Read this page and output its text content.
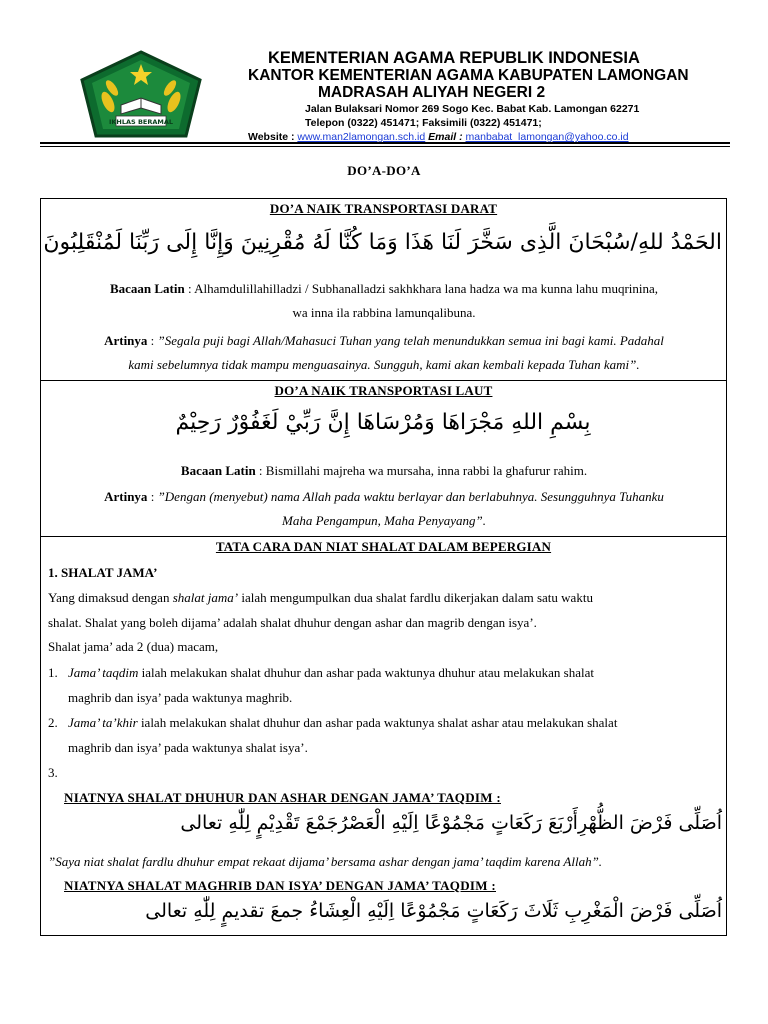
IKHLAS BERAMAL
KEMENTERIAN AGAMA REPUBLIK INDONESIA
KANTOR KEMENTERIAN AGAMA KABUPATEN LAMONGAN
MADRASAH ALIYAH NEGERI 2
Jalan Bulaksari Nomor 269 Sogo Kec. Babat Kab. Lamongan 62271
Telepon (0322) 451471; Faksimili (0322) 451471;
Website : www.man2lamongan.sch.id Email : manbabat_lamongan@yahoo.co.id
DO’A-DO’A
DO’A NAIK TRANSPORTASI DARAT
الحَمْدُ للهِ/سُبْحَانَ الَّذِى سَخَّرَ لَنَا هَذَا وَمَا كُنَّا لَهُ مُقْرِنِينَ وَإِنَّا إِلَى رَبِّنَا لَمُنْقَلِبُونَ
Bacaan Latin : Alhamdulillahilladzi / Subhanalladzi sakhkhara lana hadza wa ma kunna lahu muqrinina,
wa inna ila rabbina lamunqalibuna.
Artinya : ”Segala puji bagi Allah/Mahasuci Tuhan yang telah menundukkan semua ini bagi kami. Padahal
kami sebelumnya tidak mampu menguasainya. Sungguh, kami akan kembali kepada Tuhan kami”.
DO’A NAIK TRANSPORTASI LAUT
بِسْمِ اللهِ مَجْرَاهَا وَمُرْسَاهَا إِنَّ رَبِّيْ لَغَفُوْرٌ رَحِيْمٌ
Bacaan Latin : Bismillahi majreha wa mursaha, inna rabbi la ghafurur rahim.
Artinya : ”Dengan (menyebut) nama Allah pada waktu berlayar dan berlabuhnya. Sesungguhnya Tuhanku
Maha Pengampun, Maha Penyayang”.
TATA CARA DAN NIAT SHALAT DALAM BEPERGIAN
1. SHALAT JAMA’
Yang dimaksud dengan shalat jama’ ialah mengumpulkan dua shalat fardlu dikerjakan dalam satu waktu
shalat. Shalat yang boleh dijama’ adalah shalat dhuhur dengan ashar dan magrib dengan isya’.
Shalat jama’ ada 2 (dua) macam,
1. Jama’ taqdim ialah melakukan shalat dhuhur dan ashar pada waktunya dhuhur atau melakukan shalat
maghrib dan isya’ pada waktunya maghrib.
2. Jama’ ta’khir ialah melakukan shalat dhuhur dan ashar pada waktunya shalat ashar atau melakukan shalat
maghrib dan isya’ pada waktunya shalat isya’.
3.
NIATNYA SHALAT DHUHUR DAN ASHAR DENGAN JAMA’ TAQDIM :
اُصَلِّى فَرْضَ الظُّهْرِأَرْبَعَ رَكَعَاتٍ مَجْمُوْعًا اِلَيْهِ الْعَصْرُجَمْعَ تَقْدِيْمٍ لِلّٰهِ تعالى
”Saya niat shalat fardlu dhuhur empat rekaat dijama’ bersama ashar dengan jama’ taqdim karena Allah”.
NIATNYA SHALAT MAGHRIB DAN ISYA’ DENGAN JAMA’ TAQDIM :
اُصَلِّى فَرْضَ الْمَغْرِبِ ثَلَاثَ رَكَعَاتٍ مَجْمُوْعًا اِلَيْهِ الْعِشَاءُ جمعَ تقديمٍ لِلّٰهِ تعالى
